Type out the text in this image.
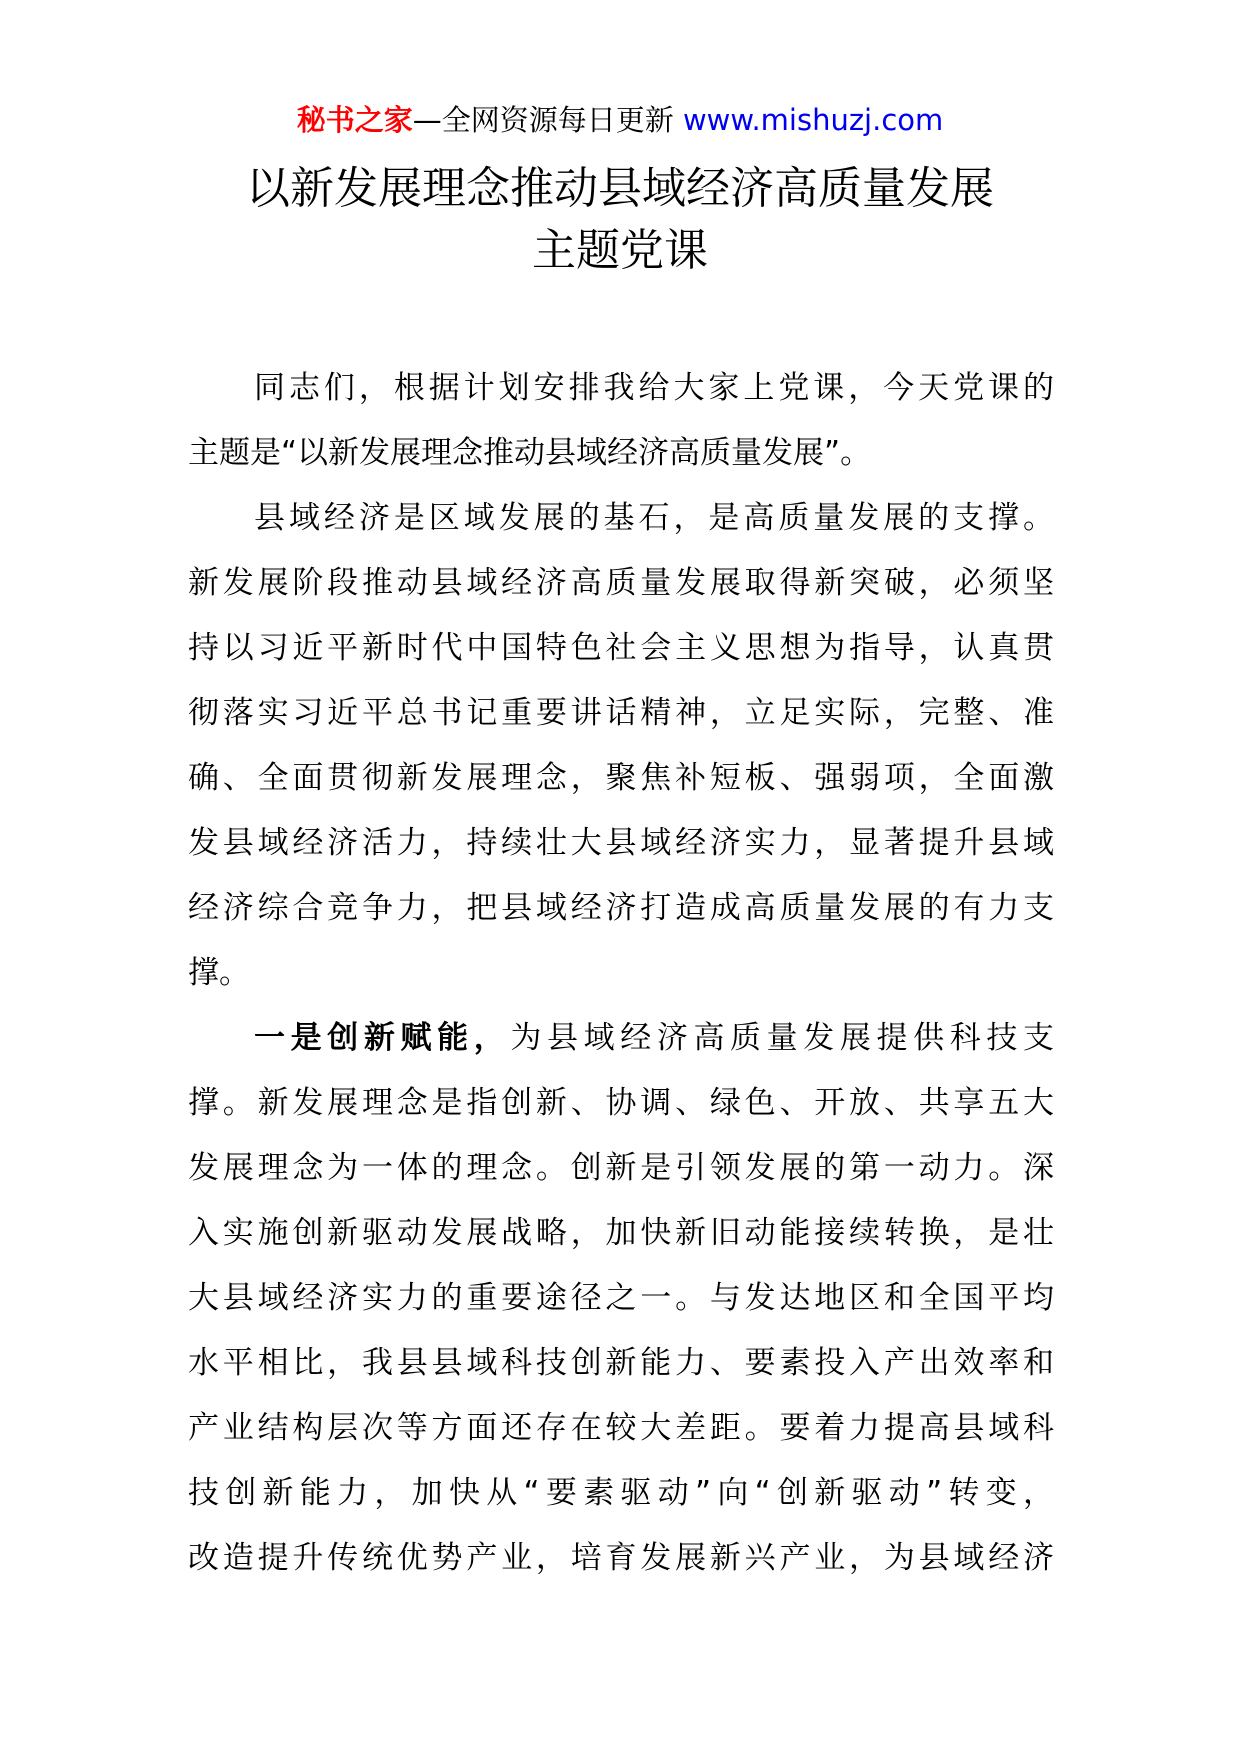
秘书之家—全网资源每日更新 www.mishuzj.com
以新发展理念推动县域经济高质量发展
主题党课
同志们，根据计划安排我给大家上党课，今天党课的
主题是“以新发展理念推动县域经济高质量发展”。
县域经济是区域发展的基石，是高质量发展的支撑。
新发展阶段推动县域经济高质量发展取得新突破，必须坚
持以习近平新时代中国特色社会主义思想为指导，认真贯
彻落实习近平总书记重要讲话精神，立足实际，完整、准
确、全面贯彻新发展理念，聚焦补短板、强弱项，全面激
发县域经济活力，持续壮大县域经济实力，显著提升县域
经济综合竞争力，把县域经济打造成高质量发展的有力支
撑。
一是创新赋能，为县域经济高质量发展提供科技支
撑。新发展理念是指创新、协调、绿色、开放、共享五大
发展理念为一体的理念。创新是引领发展的第一动力。深
入实施创新驱动发展战略，加快新旧动能接续转换，是壮
大县域经济实力的重要途径之一。与发达地区和全国平均
水平相比，我县县域科技创新能力、要素投入产出效率和
产业结构层次等方面还存在较大差距。要着力提高县域科
技创新能力，加快从“要素驱动”向“创新驱动”转变，
改造提升传统优势产业，培育发展新兴产业，为县域经济
